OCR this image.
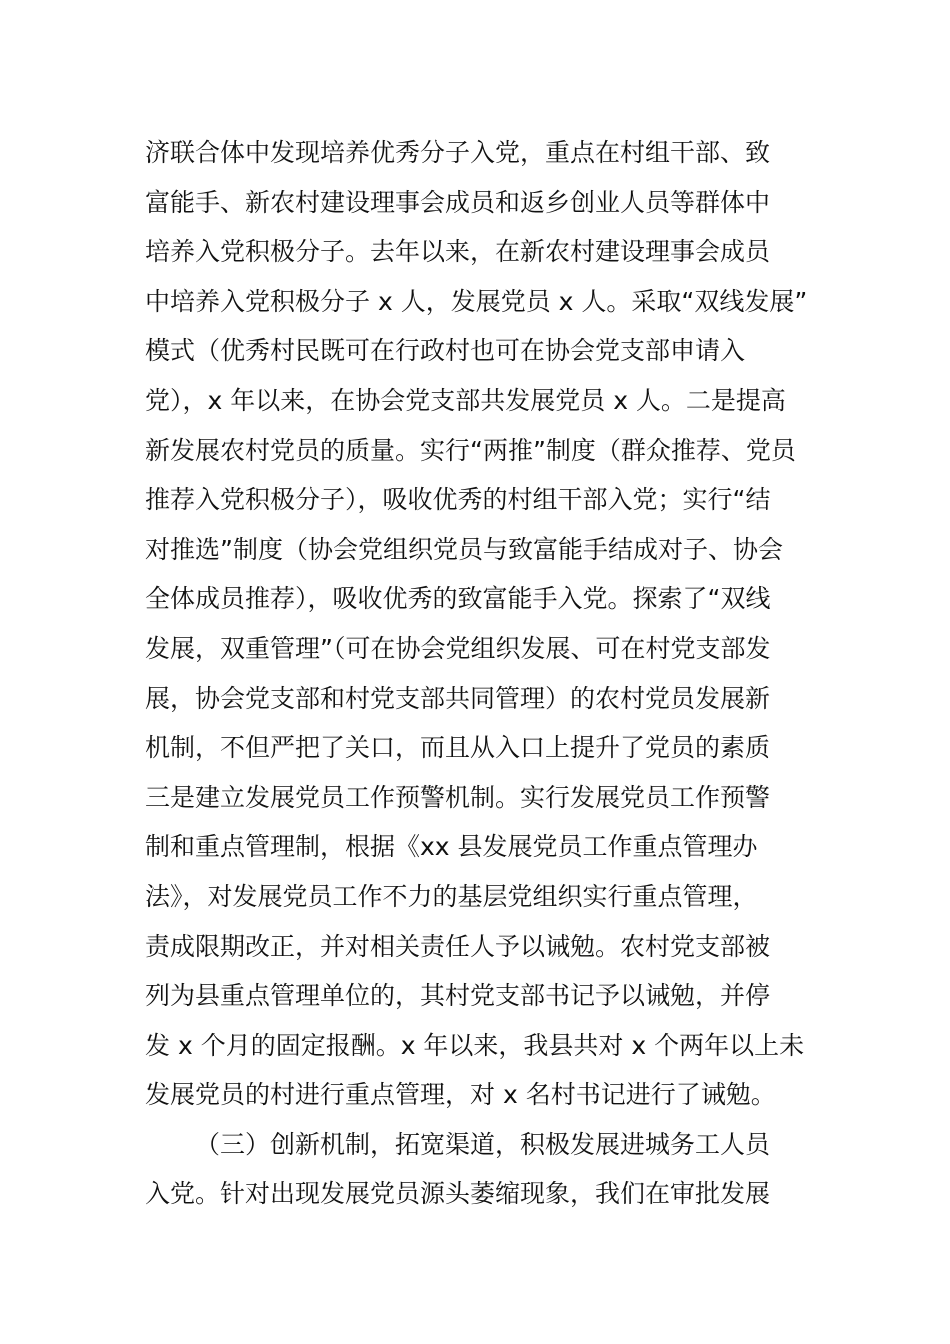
济联合体中发现培养优秀分子入党，重点在村组干部、致
富能手、新农村建设理事会成员和返乡创业人员等群体中
培养入党积极分子。去年以来，在新农村建设理事会成员
中培养入党积极分子 x 人，发展党员 x 人。采取“双线发展”
模式（优秀村民既可在行政村也可在协会党支部申请入
党），x 年以来，在协会党支部共发展党员 x 人。二是提高
新发展农村党员的质量。实行“两推”制度（群众推荐、党员
推荐入党积极分子），吸收优秀的村组干部入党；实行“结
对推选”制度（协会党组织党员与致富能手结成对子、协会
全体成员推荐），吸收优秀的致富能手入党。探索了“双线
发展，双重管理”（可在协会党组织发展、可在村党支部发
展，协会党支部和村党支部共同管理）的农村党员发展新
机制，不但严把了关口，而且从入口上提升了党员的素质
三是建立发展党员工作预警机制。实行发展党员工作预警
制和重点管理制，根据《xx 县发展党员工作重点管理办
法》，对发展党员工作不力的基层党组织实行重点管理，
责成限期改正，并对相关责任人予以诫勉。农村党支部被
列为县重点管理单位的，其村党支部书记予以诫勉，并停
发 x 个月的固定报酬。x 年以来，我县共对 x 个两年以上未
发展党员的村进行重点管理，对 x 名村书记进行了诫勉。
（三）创新机制，拓宽渠道，积极发展进城务工人员
入党。针对出现发展党员源头萎缩现象，我们在审批发展
